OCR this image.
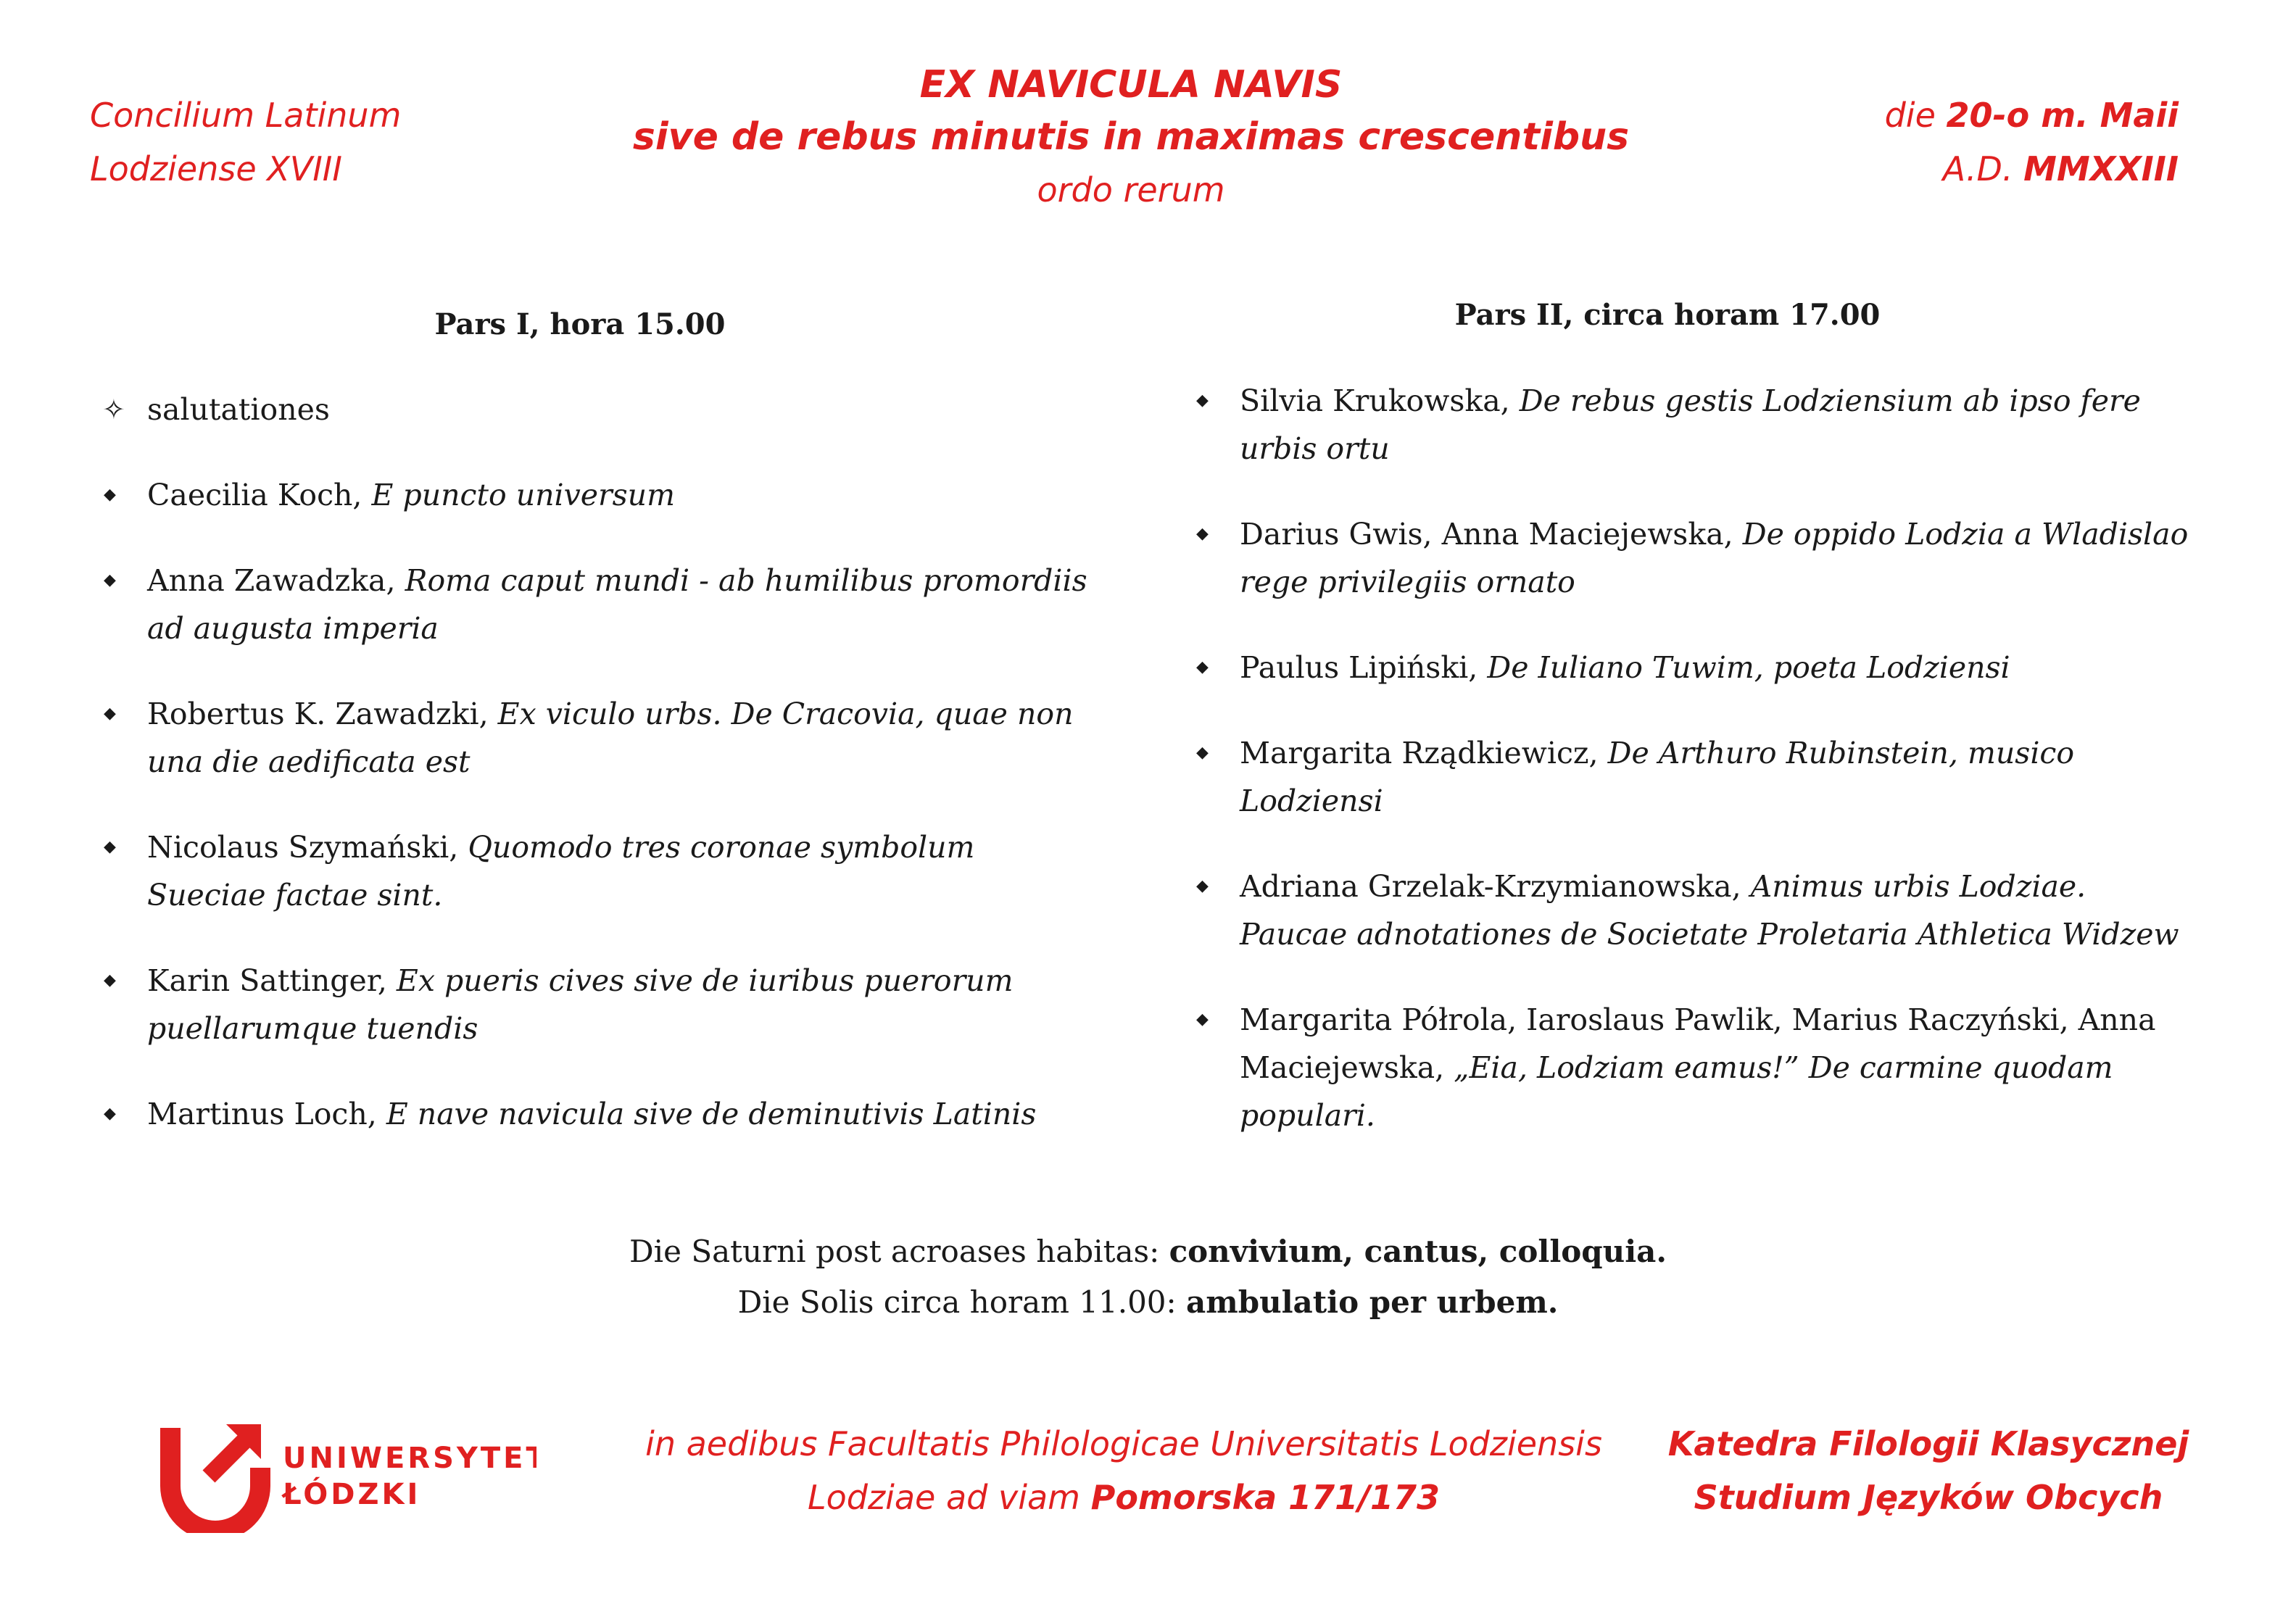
Concilium Latinum
Lodziense XVIII
EX NAVICULA NAVIS
sive de rebus minutis in maximas crescentibus
ordo rerum
die 20-o m. Maii
A.D. MMXXIII
Pars I, hora 15.00
✧ salutationes
◆ Caecilia Koch, E puncto universum
◆ Anna Zawadzka, Roma caput mundi - ab humilibus promordiis ad augusta imperia
◆ Robertus K. Zawadzki, Ex viculo urbs. De Cracovia, quae non una die aedificata est
◆ Nicolaus Szymański, Quomodo tres coronae symbolum Sueciae factae sint.
◆ Karin Sattinger, Ex pueris cives sive de iuribus puerorum puellarumque tuendis
◆ Martinus Loch, E nave navicula sive de deminutivis Latinis
Pars II, circa horam 17.00
◆ Silvia Krukowska, De rebus gestis Lodziensium ab ipso fere urbis ortu
◆ Darius Gwis, Anna Maciejewska, De oppido Lodzia a Wladislao rege privilegiis ornato
◆ Paulus Lipiński, De Iuliano Tuwim, poeta Lodziensi
◆ Margarita Rządkiewicz, De Arthuro Rubinstein, musico Lodziensi
◆ Adriana Grzelak-Krzymianowska, Animus urbis Lodziae. Paucae adnotationes de Societate Proletaria Athletica Widzew
◆ Margarita Półrola, Iaroslaus Pawlik, Marius Raczyński, Anna Maciejewska, „Eia, Lodziam eamus!” De carmine quodam populari.
Die Saturni post acroases habitas: convivium, cantus, colloquia.
Die Solis circa horam 11.00: ambulatio per urbem.
UNIWERSYTET
ŁÓDZKI
in aedibus Facultatis Philologicae Universitatis Lodziensis
Lodziae ad viam Pomorska 171/173
Katedra Filologii Klasycznej
Studium Języków Obcych
